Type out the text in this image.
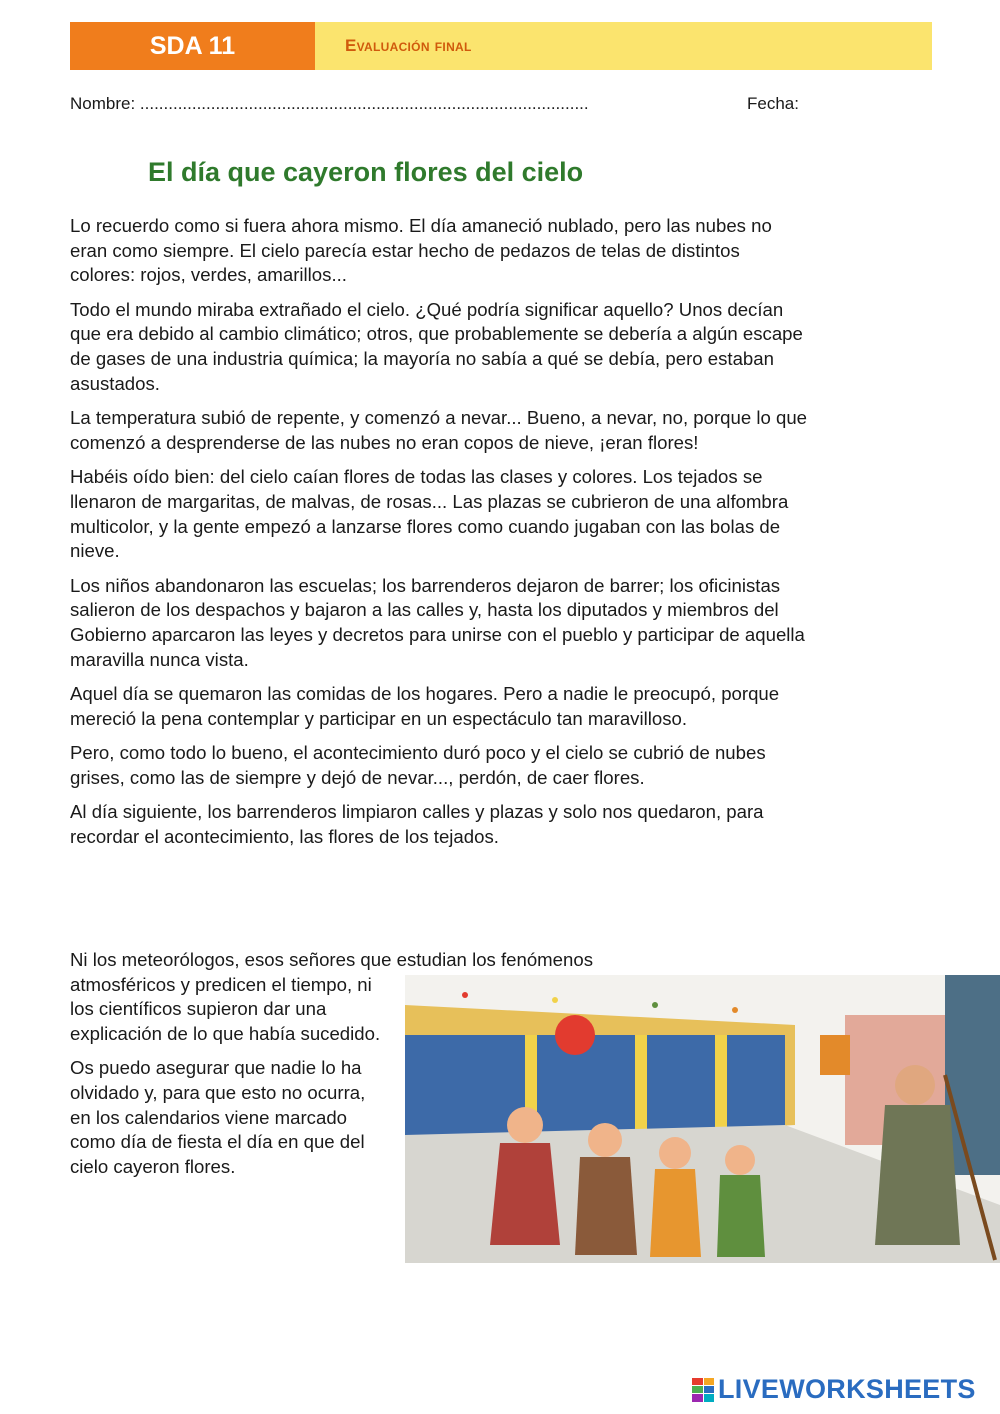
SDA 11	Evaluación final
Nombre: ...............................................................................................	Fecha:
El día que cayeron flores del cielo

Lo recuerdo como si fuera ahora mismo. El día amaneció nublado, pero las nubes no eran como siempre. El cielo parecía estar hecho de pedazos de telas de distintos colores: rojos, verdes, amarillos...

Todo el mundo miraba extrañado el cielo. ¿Qué podría significar aquello? Unos decían que era debido al cambio climático; otros, que probablemente se debería a algún escape de gases de una industria química; la mayoría no sabía a qué se debía, pero estaban asustados.

La temperatura subió de repente, y comenzó a nevar... Bueno, a nevar, no, porque lo que comenzó a desprenderse de las nubes no eran copos de nieve, ¡eran flores!

Habéis oído bien: del cielo caían flores de todas las clases y colores. Los tejados se llenaron de margaritas, de malvas, de rosas... Las plazas se cubrieron de una alfombra multicolor, y la gente empezó a lanzarse flores como cuando jugaban con las bolas de nieve.

Los niños abandonaron las escuelas; los barrenderos dejaron de barrer; los oficinistas salieron de los despachos y bajaron a las calles y, hasta los diputados y miembros del Gobierno aparcaron las leyes y decretos para unirse con el pueblo y participar de aquella maravilla nunca vista.

Aquel día se quemaron las comidas de los hogares. Pero a nadie le preocupó, porque mereció la pena contemplar y participar en un espectáculo tan maravilloso.

Pero, como todo lo bueno, el acontecimiento duró poco y el cielo se cubrió de nubes grises, como las de siempre y dejó de nevar..., perdón, de caer flores.

Al día siguiente, los barrenderos limpiaron calles y plazas y solo nos quedaron, para recordar el acontecimiento, las flores de los tejados.

Ni los meteorólogos, esos señores que estudian los fenómenos
atmosféricos y predicen el tiempo, ni los científicos supieron dar una explicación de lo que había sucedido.

Os puedo asegurar que nadie lo ha olvidado y, para que esto no ocurra, en los calendarios viene marcado como día de fiesta el día en que del cielo cayeron flores.

LIVEWORKSHEETS
